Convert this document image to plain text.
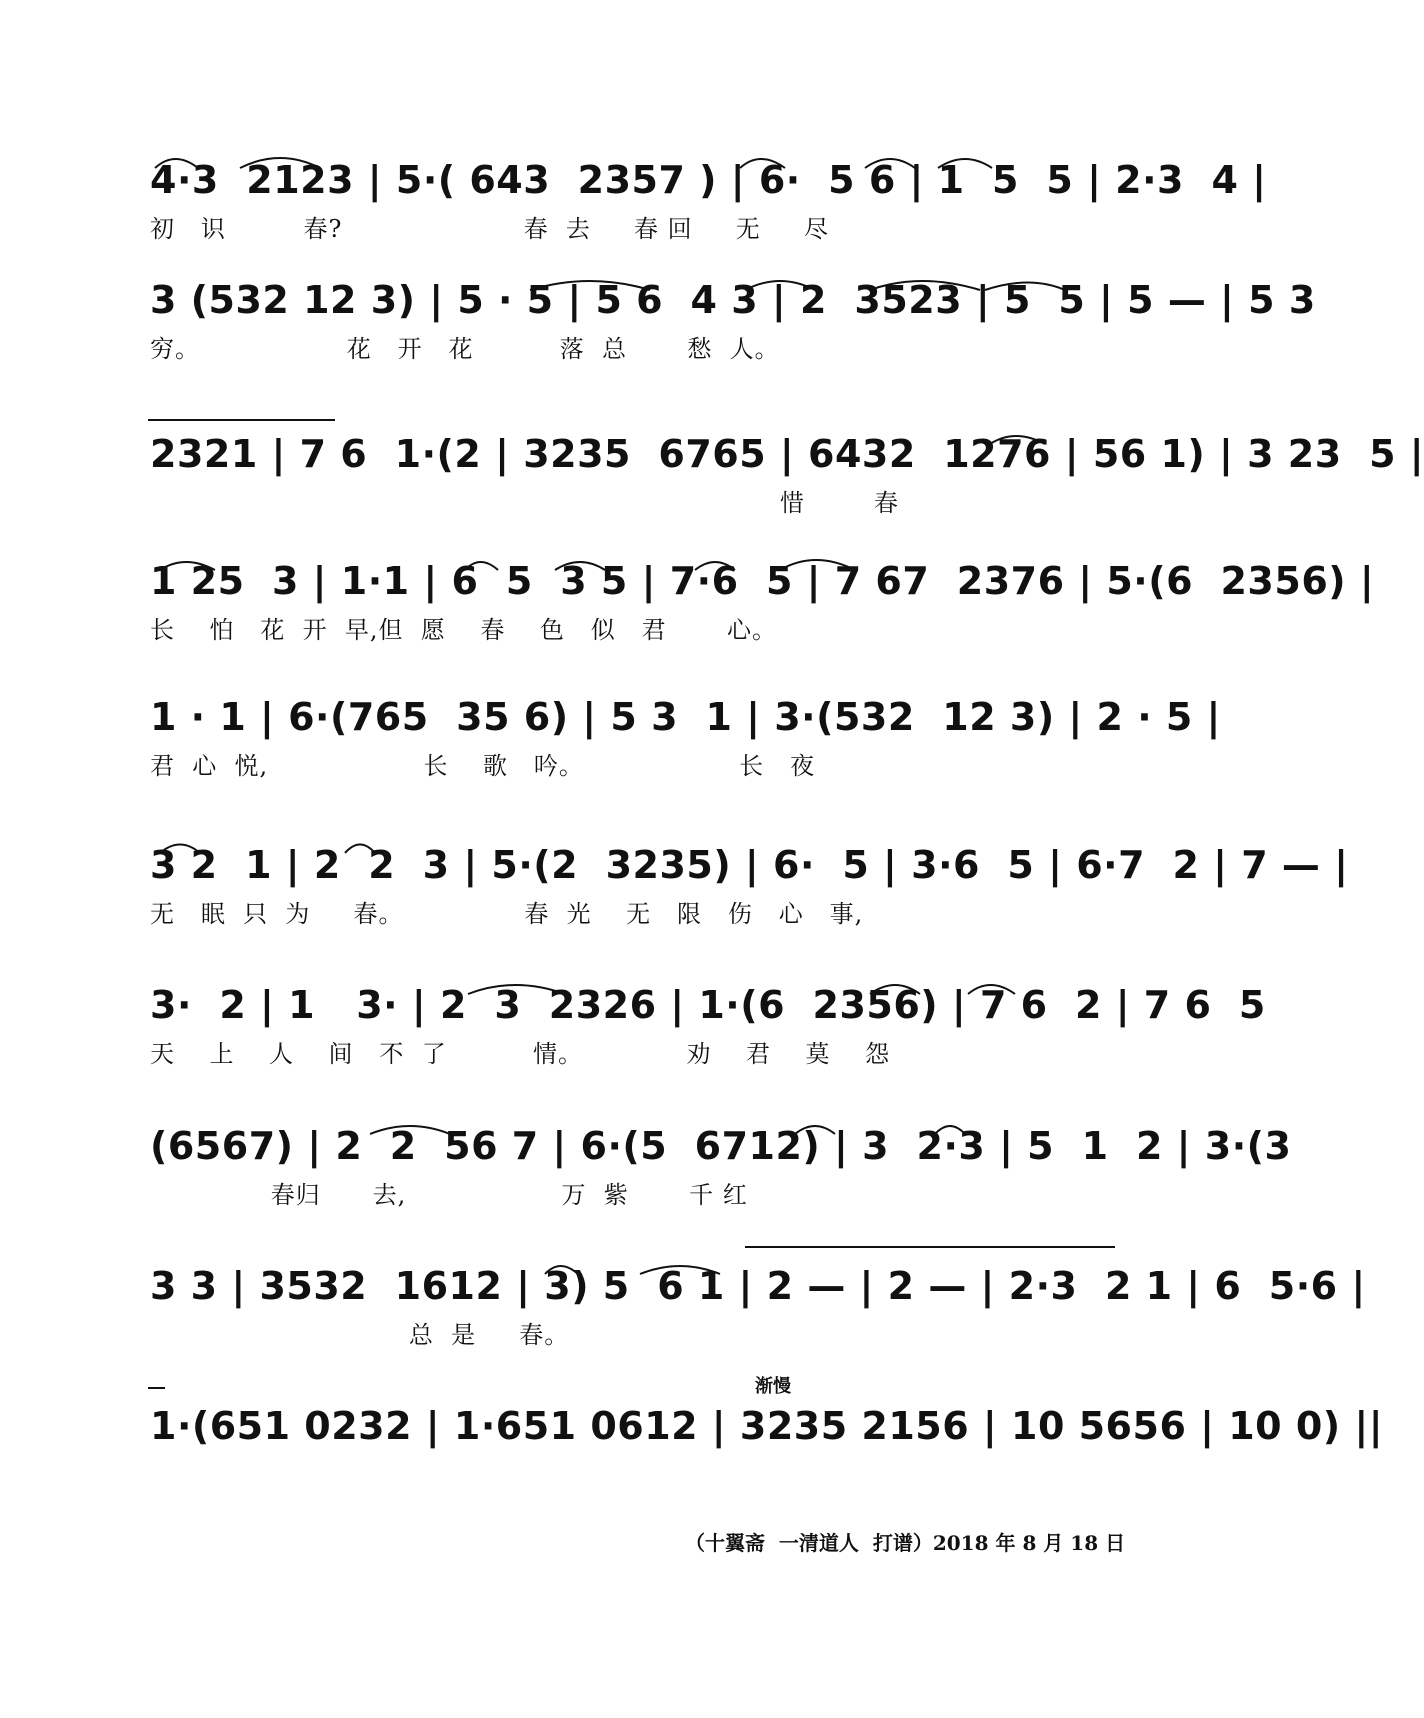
4·3  2123 | 5·( 643  2357 ) | 6·  5 6 | 1  5  5 | 2·3  4 |
初   识         春?                     春  去     春 回     无     尽
3 (532 12 3) | 5 · 5 | 5 6  4 3 | 2  3523 | 5  5 | 5 — | 5 3
穷。                 花   开   花          落  总       愁  人。
2321 | 7 6  1·(2 | 3235  6765 | 6432  1276 | 56 1) | 3 23  5 |
惜        春
1 25  3 | 1·1 | 6  5  3 5 | 7·6  5 | 7 67  2376 | 5·(6  2356) |
长    怕   花  开  早,但  愿    春    色   似   君       心。
1 · 1 | 6·(765  35 6) | 5 3  1 | 3·(532  12 3) | 2 · 5 |
君  心  悦,                  长    歌   吟。                  长   夜
3 2  1 | 2  2  3 | 5·(2  3235) | 6·  5 | 3·6  5 | 6·7  2 | 7 — |
无   眠  只  为     春。              春  光    无   限   伤   心   事,
3·  2 | 1   3· | 2  3  2326 | 1·(6  2356) | 7 6  2 | 7 6  5
天    上    人    间   不  了          情。            劝    君    莫    怨
(6567) | 2  2  56 7 | 6·(5  6712) | 3  2·3 | 5  1  2 | 3·(3
春归      去,                  万  紫       千 红
3 3 | 3532  1612 | 3) 5  6 1 | 2 — | 2 — | 2·3  2 1 | 6  5·6 |
总  是     春。
1·(651 0232 | 1·651 0612 | 3235 2156 | 10 5656 | 10 0) ||
渐慢
（十翼斋  一清道人  打谱）2018 年 8 月 18 日
